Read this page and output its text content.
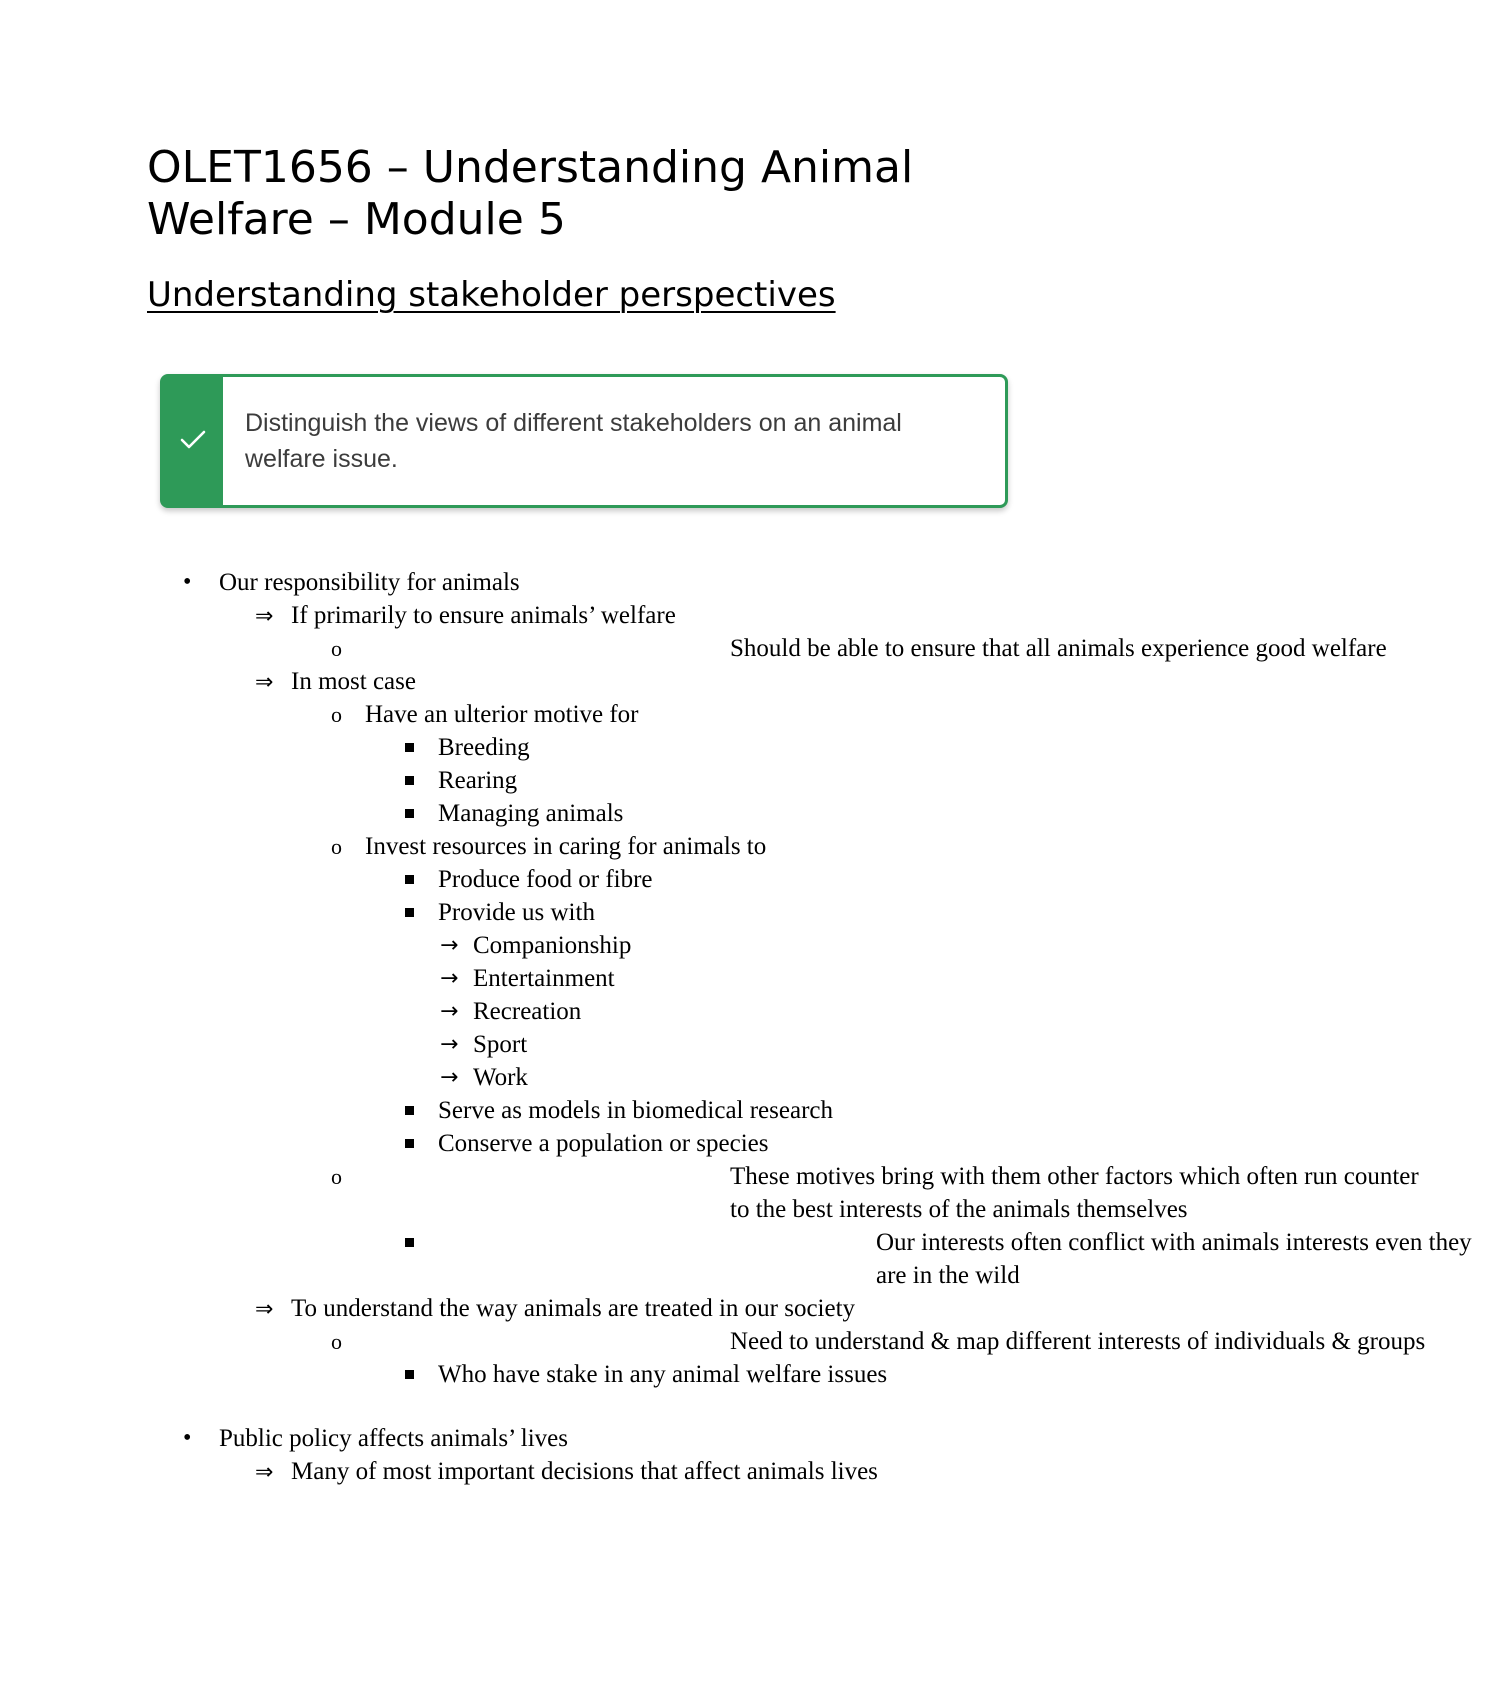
OLET1656 – Understanding Animal Welfare – Module 5
Understanding stakeholder perspectives
Distinguish the views of different stakeholders on an animal welfare issue.
• Our responsibility for animals
⇒ If primarily to ensure animals’ welfare
o	Should be able to ensure that all animals experience good welfare
⇒ In most case
o Have an ulterior motive for
Breeding
Rearing
Managing animals
o Invest resources in caring for animals to
Produce food or fibre
Provide us with
→ Companionship
→ Entertainment
→ Recreation
→ Sport
→ Work
Serve as models in biomedical research
Conserve a population or species
o	These motives bring with them other factors which often run counter to the best interests of the animals themselves
Our interests often conflict with animals interests even they are in the wild
⇒ To understand the way animals are treated in our society
o	Need to understand & map different interests of individuals & groups
Who have stake in any animal welfare issues
• Public policy affects animals’ lives
⇒ Many of most important decisions that affect animals lives
